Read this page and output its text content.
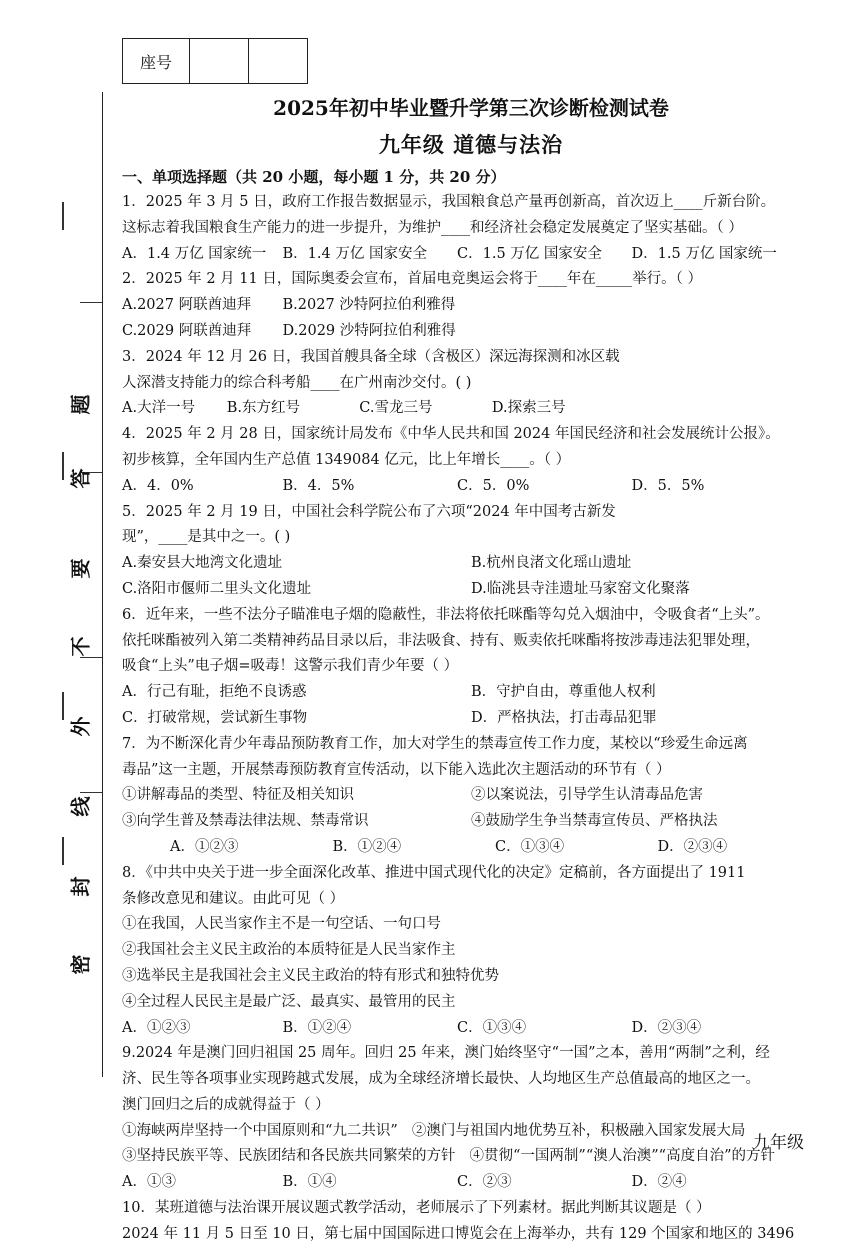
座号		
密
封
线
外
不
要
答
题

2025年初中毕业暨升学第三次诊断检测试卷

九年级 道德与法治

一、单项选择题（共 20 小题，每小题 1 分，共 20 分）

1．2025 年 3 月 5 日，政府工作报告数据显示，我国粮食总产量再创新高，首次迈上____斤新台阶。

这标志着我国粮食生产能力的进一步提升，为维护____和经济社会稳定发展奠定了坚实基础。（ ）

A．1.4 万亿 国家统一	B．1.4 万亿 国家安全	C．1.5 万亿 国家安全	D．1.5 万亿 国家统一

2．2025 年 2 月 11 日，国际奥委会宣布，首届电竞奥运会将于____年在_____举行。（ ）

A.2027 阿联酋迪拜	B.2027 沙特阿拉伯利雅得
C.2029 阿联酋迪拜	D.2029 沙特阿拉伯利雅得

3．2024 年 12 月 26 日，我国首艘具备全球（含极区）深远海探测和冰区载

人深潜支持能力的综合科考船____在广州南沙交付。( )

A.大洋一号	B.东方红号	C.雪龙三号	D.探索三号

4．2025 年 2 月 28 日，国家统计局发布《中华人民共和国 2024 年国民经济和社会发展统计公报》。

初步核算，全年国内生产总值 1349084 亿元，比上年增长____。（ ）

A．4．0%	B．4．5%	C．5．0%	D．5．5%

5．2025 年 2 月 19 日，中国社会科学院公布了六项“2024 年中国考古新发

现”，____是其中之一。( )

A.秦安县大地湾文化遗址	B.杭州良渚文化瑶山遗址
C.洛阳市偃师二里头文化遗址	D.临洮县寺洼遗址马家窑文化聚落

6．近年来，一些不法分子瞄准电子烟的隐蔽性，非法将依托咪酯等勾兑入烟油中，令吸食者“上头”。

依托咪酯被列入第二类精神药品目录以后，非法吸食、持有、贩卖依托咪酯将按涉毒违法犯罪处理，

吸食“上头”电子烟=吸毒！这警示我们青少年要（ ）

A．行己有耻，拒绝不良诱惑	B．守护自由，尊重他人权利
C．打破常规，尝试新生事物	D．严格执法，打击毒品犯罪

7．为不断深化青少年毒品预防教育工作，加大对学生的禁毒宣传工作力度，某校以“珍爱生命远离

毒品”这一主题，开展禁毒预防教育宣传活动，以下能入选此次主题活动的环节有（ ）

①讲解毒品的类型、特征及相关知识	②以案说法，引导学生认清毒品危害
③向学生普及禁毒法律法规、禁毒常识	④鼓励学生争当禁毒宣传员、严格执法
A．①②③	B．①②④	C．①③④	D．②③④

8．《中共中央关于进一步全面深化改革、推进中国式现代化的决定》定稿前，各方面提出了 1911

条修改意见和建议。由此可见（ ）

①在我国，人民当家作主不是一句空话、一句口号

②我国社会主义民主政治的本质特征是人民当家作主

③选举民主是我国社会主义民主政治的特有形式和独特优势

④全过程人民民主是最广泛、最真实、最管用的民主

A．①②③	B．①②④	C．①③④	D．②③④

9.2024 年是澳门回归祖国 25 周年。回归 25 年来，澳门始终坚守“一国”之本，善用“两制”之利，经

济、民生等各项事业实现跨越式发展，成为全球经济增长最快、人均地区生产总值最高的地区之一。

澳门回归之后的成就得益于（ ）

①海峡两岸坚持一个中国原则和“九二共识” ②澳门与祖国内地优势互补，积极融入国家发展大局
③坚持民族平等、民族团结和各民族共同繁荣的方针 ④贯彻“一国两制”“澳人治澳”“高度自治”的方针
A．①③	B．①④	C．②③	D．②④

10．某班道德与法治课开展议题式教学活动，老师展示了下列素材。据此判断其议题是（ ）

2024 年 11 月 5 日至 10 日，第七届中国国际进口博览会在上海举办，共有 129 个国家和地区的 3496

九年级
